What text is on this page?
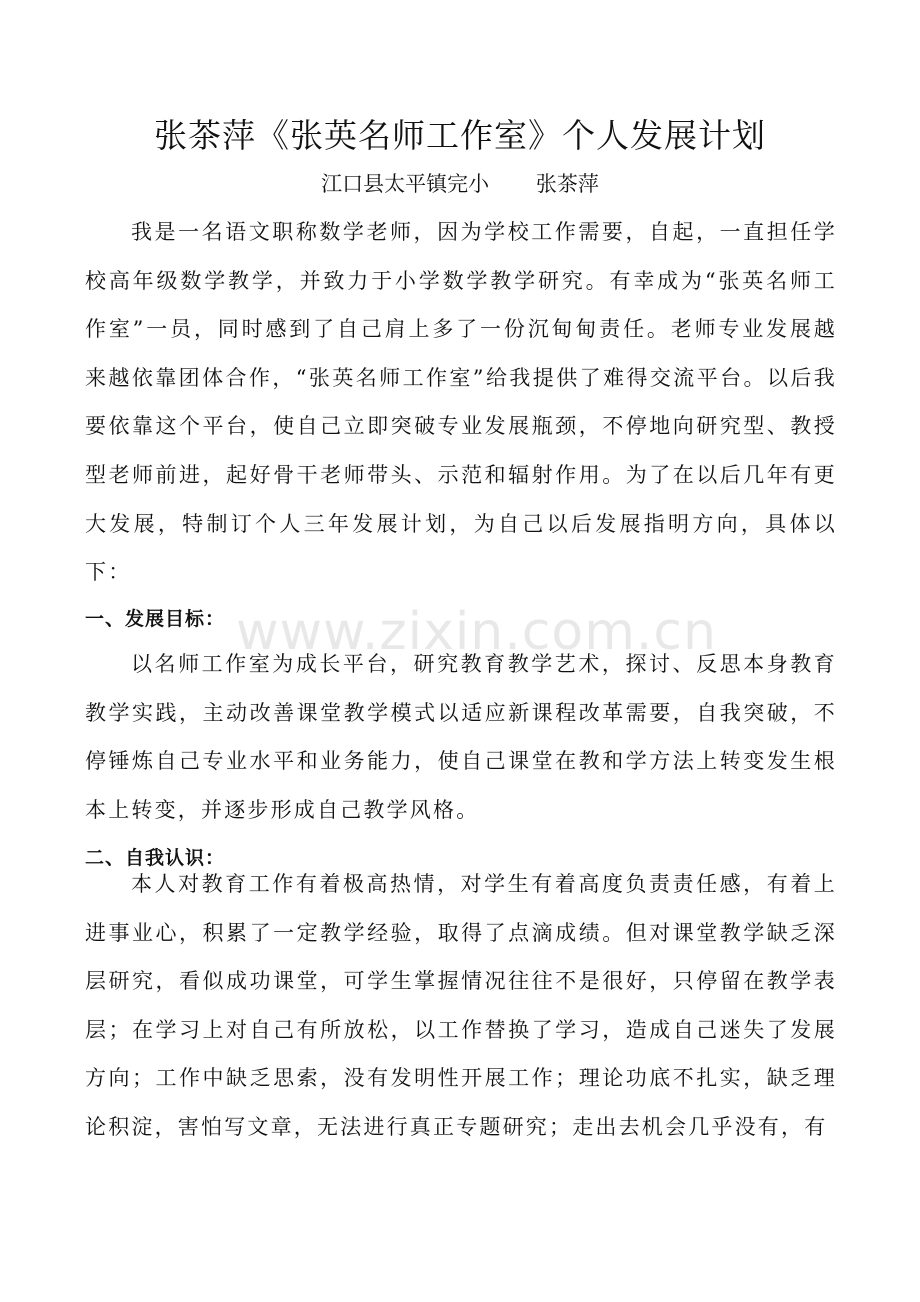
张茶萍《张英名师工作室》个人发展计划
江口县太平镇完小       张茶萍

我是一名语文职称数学老师，因为学校工作需要，自起，一直担任学校高年级数学教学，并致力于小学数学教学研究。有幸成为“张英名师工作室”一员，同时感到了自己肩上多了一份沉甸甸责任。老师专业发展越来越依靠团体合作，“张英名师工作室”给我提供了难得交流平台。以后我要依靠这个平台，使自己立即突破专业发展瓶颈，不停地向研究型、教授型老师前进，起好骨干老师带头、示范和辐射作用。为了在以后几年有更大发展，特制订个人三年发展计划，为自己以后发展指明方向，具体以下：

一、发展目标：

以名师工作室为成长平台，研究教育教学艺术，探讨、反思本身教育教学实践，主动改善课堂教学模式以适应新课程改革需要，自我突破，不停锤炼自己专业水平和业务能力，使自己课堂在教和学方法上转变发生根本上转变，并逐步形成自己教学风格。

二、自我认识：

本人对教育工作有着极高热情，对学生有着高度负责责任感，有着上进事业心，积累了一定教学经验，取得了点滴成绩。但对课堂教学缺乏深层研究，看似成功课堂，可学生掌握情况往往不是很好，只停留在教学表层；在学习上对自己有所放松，以工作替换了学习，造成自己迷失了发展方向；工作中缺乏思索，没有发明性开展工作；理论功底不扎实，缺乏理论积淀，害怕写文章，无法进行真正专题研究；走出去机会几乎没有，有

www.zixin.com.cn
